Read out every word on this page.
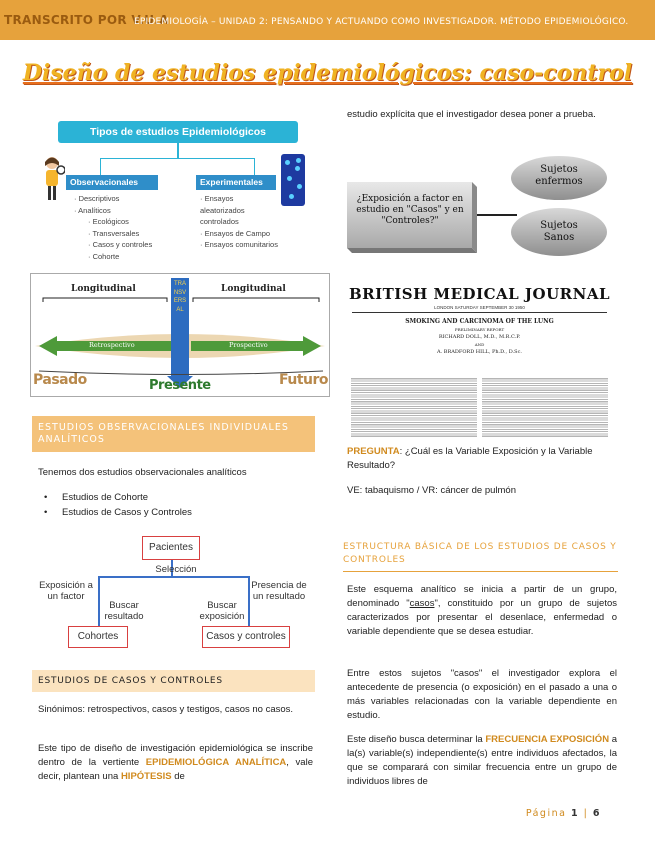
TRANSCRITO POR V.U.A
EPIDEMIOLOGÍA – UNIDAD 2: PENSANDO Y ACTUANDO COMO INVESTIGADOR. MÉTODO EPIDEMIOLÓGICO.
Diseño de estudios epidemiológicos: caso-control
Tipos de estudios Epidemiológicos
Observacionales	Experimentales
· Descriptivos
· Analíticos
· Ecológicos
· Transversales
· Casos y controles
· Cohorte
· Ensayos aleatorizados controlados
· Ensayos de Campo
· Ensayos comunitarios
Longitudinal	Longitudinal
Retrospectivo	Prospectivo
TRANSVERSAL
Pasado	Presente	Futuro
ESTUDIOS OBSERVACIONALES INDIVIDUALES ANALÍTICOS
Tenemos dos estudios observacionales analíticos
• Estudios de Cohorte
• Estudios de Casos y Controles
Pacientes
Selección
Exposición a un factor
Presencia de un resultado
Buscar resultado
Buscar exposición
Cohortes	Casos y controles
ESTUDIOS DE CASOS Y CONTROLES
Sinónimos: retrospectivos, casos y testigos, casos no casos.
Este tipo de diseño de investigación epidemiológica se inscribe dentro de la vertiente EPIDEMIOLÓGICA ANALÍTICA, vale decir, plantean una HIPÓTESIS de
estudio explícita que el investigador desea poner a prueba.
¿Exposición a factor en estudio en "Casos" y en "Controles?"
Sujetos enfermos
Sujetos Sanos
BRITISH MEDICAL JOURNAL
LONDON SATURDAY SEPTEMBER 30 1950
SMOKING AND CARCINOMA OF THE LUNG
PRELIMINARY REPORT
RICHARD DOLL, M.D., M.R.C.P.
AND
A. BRADFORD HILL, Ph.D., D.Sc.
PREGUNTA: ¿Cuál es la Variable Exposición y la Variable Resultado?
VE: tabaquismo / VR: cáncer de pulmón
ESTRUCTURA BÁSICA DE LOS ESTUDIOS DE CASOS Y CONTROLES
Este esquema analítico se inicia a partir de un grupo, denominado "casos", constituido por un grupo de sujetos caracterizados por presentar el desenlace, enfermedad o variable dependiente que se desea estudiar.
Entre estos sujetos "casos" el investigador explora el antecedente de presencia (o exposición) en el pasado a una o más variables relacionadas con la variable dependiente en estudio.
Este diseño busca determinar la FRECUENCIA EXPOSICIÓN a la(s) variable(s) independiente(s) entre individuos afectados, la que se comparará con similar frecuencia entre un grupo de individuos libres de
Página 1 | 6
